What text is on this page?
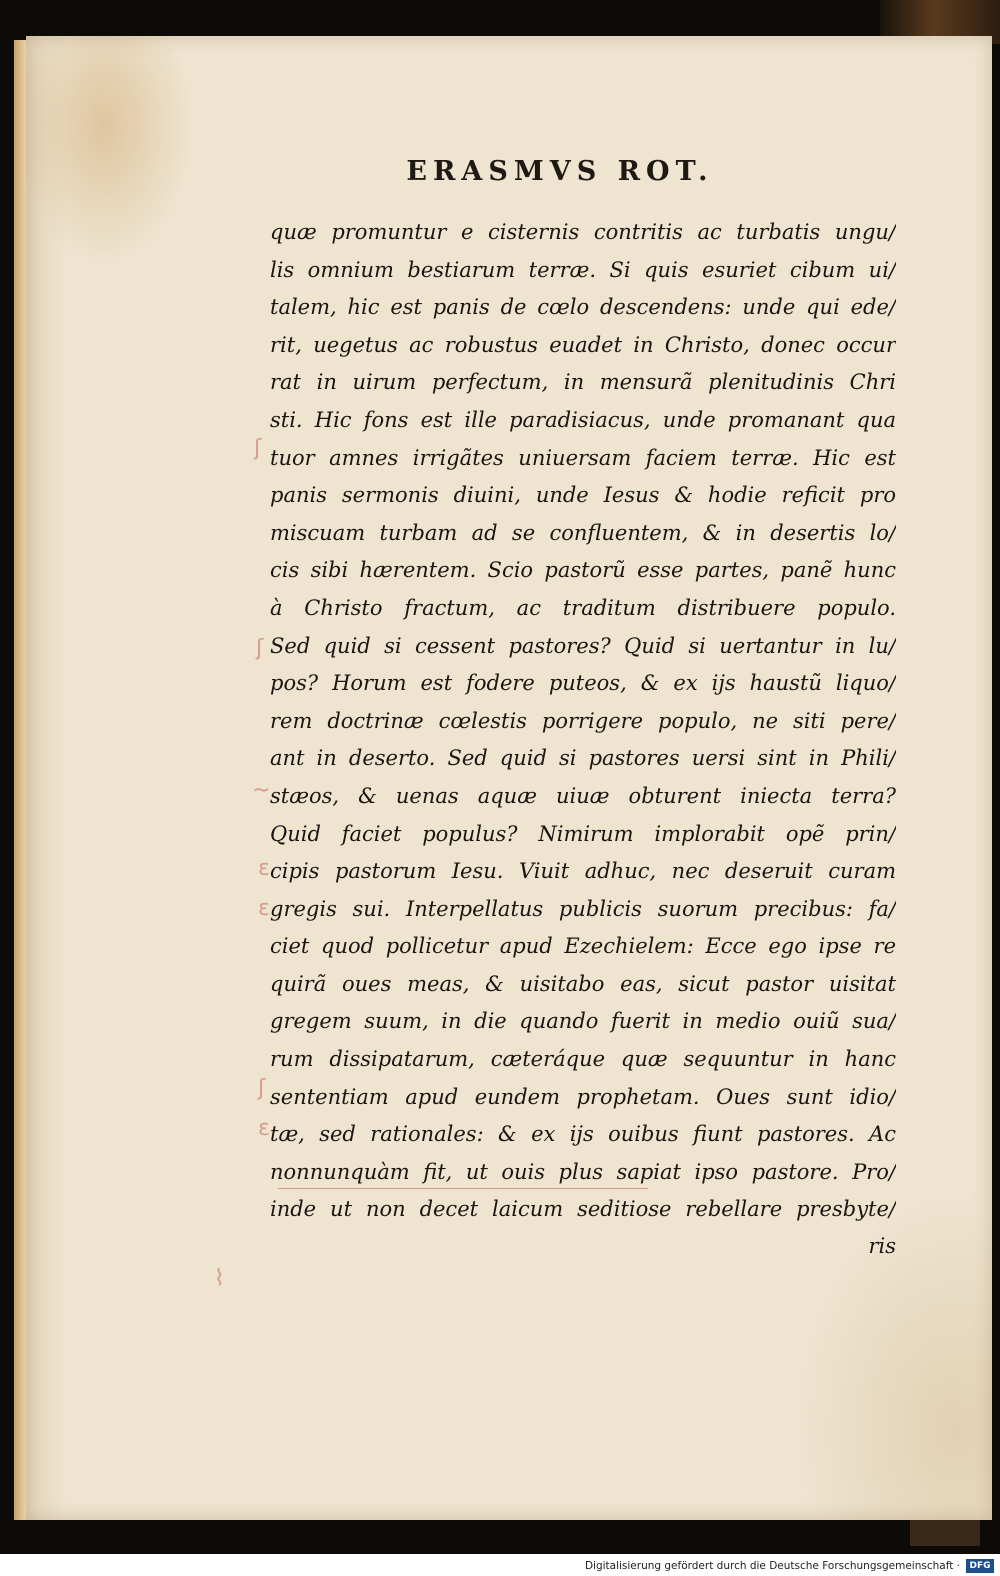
ERASMVS ROT.
quæ promuntur e cisternis contritis ac turbatis ungu/
lis omnium bestiarum terræ. Si quis esuriet cibum ui/
talem, hic est panis de cœlo descendens: unde qui ede/
rit, uegetus ac robustus euadet in Christo, donec occur
rat in uirum perfectum, in mensurã plenitudinis Chri
sti. Hic fons est ille paradisiacus, unde promanant qua
tuor amnes irrigãtes uniuersam faciem terræ. Hic est
panis sermonis diuini, unde Iesus & hodie reficit pro
miscuam turbam ad se confluentem, & in desertis lo/
cis sibi hærentem. Scio pastorũ esse partes, panẽ hunc
à Christo fractum, ac traditum distribuere populo.
Sed quid si cessent pastores? Quid si uertantur in lu/
pos? Horum est fodere puteos, & ex ijs haustũ liquo/
rem doctrinæ cœlestis porrigere populo, ne siti pere/
ant in deserto. Sed quid si pastores uersi sint in Phili/
stæos, & uenas aquæ uiuæ obturent iniecta terra?
Quid faciet populus? Nimirum implorabit opẽ prin/
cipis pastorum Iesu. Viuit adhuc, nec deseruit curam
gregis sui. Interpellatus publicis suorum precibus: fa/
ciet quod pollicetur apud Ezechielem: Ecce ego ipse re
quirã oues meas, & uisitabo eas, sicut pastor uisitat
gregem suum, in die quando fuerit in medio ouiũ sua/
rum dissipatarum, cæteráque quæ sequuntur in hanc
sententiam apud eundem prophetam. Oues sunt idio/
tæ, sed rationales: & ex ijs ouibus fiunt pastores. Ac
nonnunquàm fit, ut ouis plus sapiat ipso pastore. Pro/
inde ut non decet laicum seditiose rebellare presbyte/
ʃ
ʃ
~
ɛ
ɛ
ʃ
ɛ
⌇

ris

Digitalisierung gefördert durch die Deutsche Forschungsgemeinschaft ·	DFG
